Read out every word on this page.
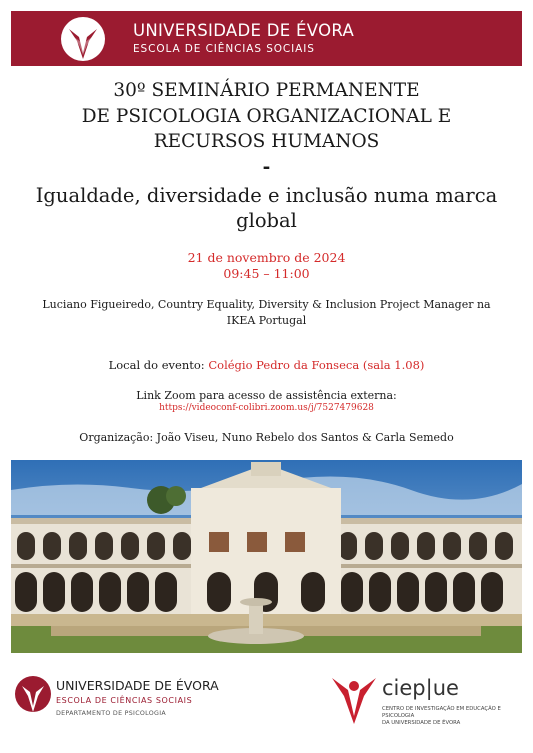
UNIVERSIDADE DE ÉVORA
ESCOLA DE CIÊNCIAS SOCIAIS
30º SEMINÁRIO PERMANENTE
DE PSICOLOGIA ORGANIZACIONAL E
RECURSOS HUMANOS
-
Igualdade, diversidade e inclusão numa marca
global
21 de novembro de 2024
09:45 – 11:00
Luciano Figueiredo, Country Equality, Diversity & Inclusion Project Manager na
IKEA Portugal
Local do evento: Colégio Pedro da Fonseca (sala 1.08)
Link Zoom para acesso de assistência externa:
https://videoconf-colibri.zoom.us/j/7527479628
Organização: João Viseu, Nuno Rebelo dos Santos & Carla Semedo
UNIVERSIDADE DE ÉVORA
ESCOLA DE CIÊNCIAS SOCIAIS
DEPARTAMENTO DE PSICOLOGIA
ciep|ue
CENTRO DE INVESTIGAÇÃO EM EDUCAÇÃO E PSICOLOGIA
DA UNIVERSIDADE DE ÉVORA
